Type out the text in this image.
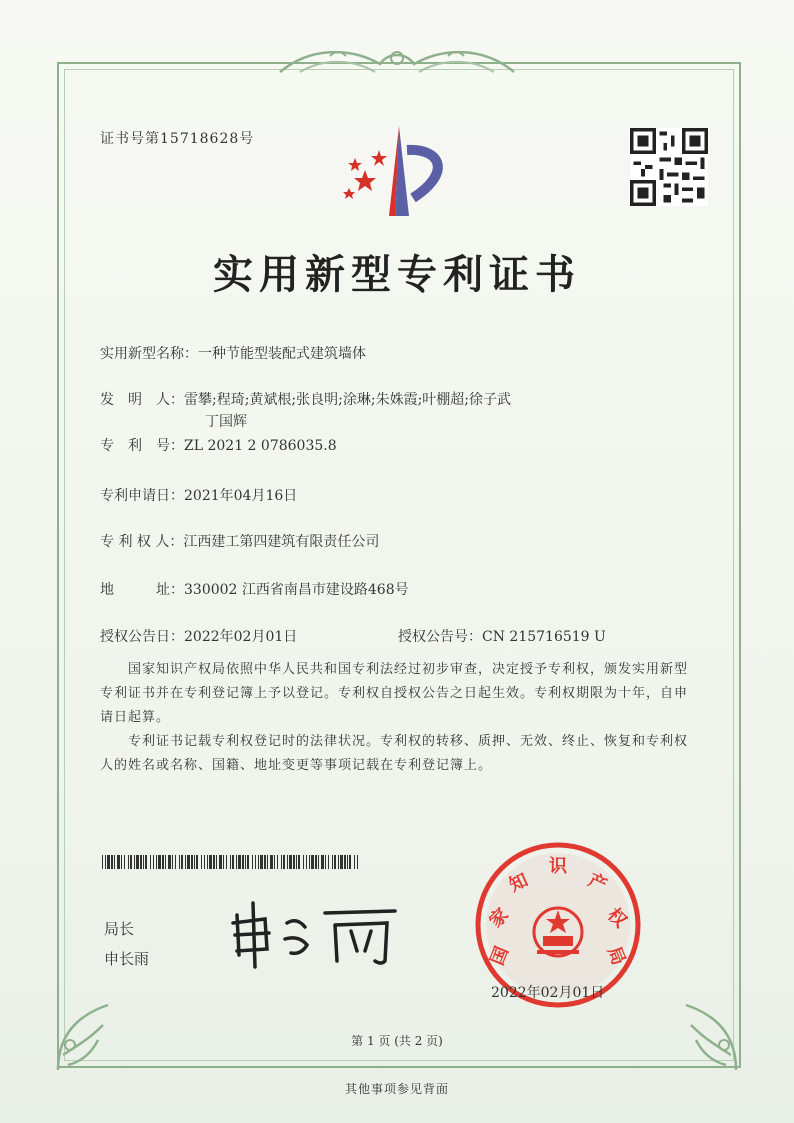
证书号第15718628号
实用新型专利证书
实用新型名称：一种节能型装配式建筑墙体
发　明　人：雷攀;程琦;黄斌根;张良明;涂琳;朱姝霞;叶棚超;徐子武
丁国辉
专　利　号：ZL 2021 2 0786035.8
专利申请日：2021年04月16日
专 利 权 人：江西建工第四建筑有限责任公司
地　　　址：330002 江西省南昌市建设路468号
授权公告日：2022年02月01日	授权公告号：CN 215716519 U
国家知识产权局依照中华人民共和国专利法经过初步审查，决定授予专利权，颁发实用新型专利证书并在专利登记簿上予以登记。专利权自授权公告之日起生效。专利权期限为十年，自申请日起算。
专利证书记载专利权登记时的法律状况。专利权的转移、质押、无效、终止、恢复和专利权人的姓名或名称、国籍、地址变更等事项记载在专利登记簿上。
局长
申长雨	国
家
知
识
产
权
局
2022年02月01日
第 1 页 (共 2 页)
其他事项参见背面
